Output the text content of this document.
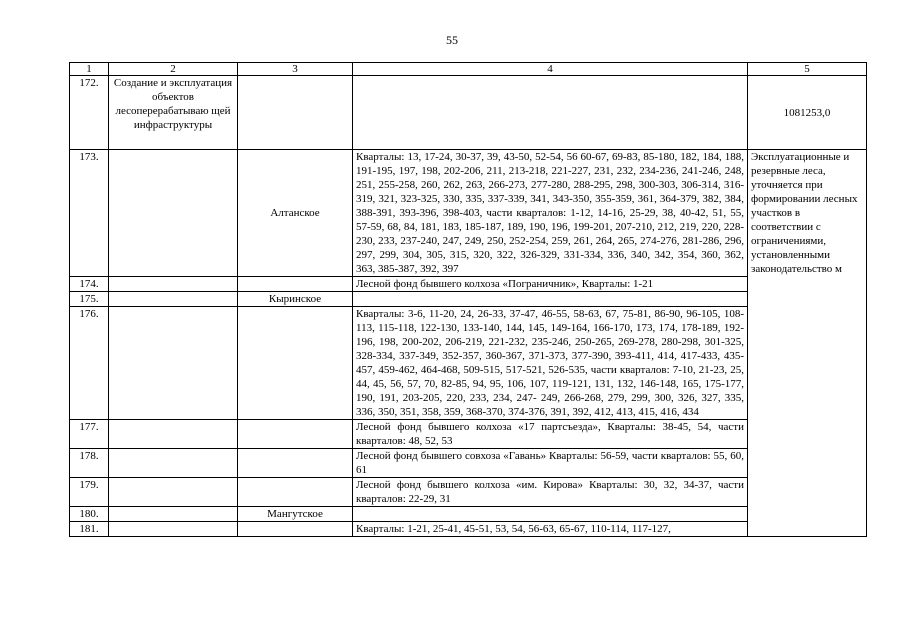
55
1	2	3	4	5
172.	Создание и эксплуатация объектов лесоперерабатываю щей инфраструктуры			1081253,0
173.		Алтанское	Кварталы: 13, 17-24, 30-37, 39, 43-50, 52-54, 56 60-67, 69-83, 85-180, 182, 184, 188, 191-195, 197, 198, 202-206, 211, 213-218, 221-227, 231, 232, 234-236, 241-246, 248, 251, 255-258, 260, 262, 263, 266-273, 277-280, 288-295, 298, 300-303, 306-314, 316-319, 321, 323-325, 330, 335, 337-339, 341, 343-350, 355-359, 361, 364-379, 382, 384, 388-391, 393-396, 398-403, части кварталов: 1-12, 14-16, 25-29, 38, 40-42, 51, 55, 57-59, 68, 84, 181, 183, 185-187, 189, 190, 196, 199-201, 207-210, 212, 219, 220, 228-230, 233, 237-240, 247, 249, 250, 252-254, 259, 261, 264, 265, 274-276, 281-286, 296, 297, 299, 304, 305, 315, 320, 322, 326-329, 331-334, 336, 340, 342, 354, 360, 362, 363, 385-387, 392, 397	Эксплуатационные и резервные леса, уточняется при формировании лесных участков в соответствии с ограничениями, установленными законодательство м
174.			Лесной фонд бывшего колхоза «Пограничник», Кварталы: 1-21	
175.		Кыринское		
176.			Кварталы: 3-6, 11-20, 24, 26-33, 37-47, 46-55, 58-63, 67, 75-81, 86-90, 96-105, 108-113, 115-118, 122-130, 133-140, 144, 145, 149-164, 166-170, 173, 174, 178-189, 192-196, 198, 200-202, 206-219, 221-232, 235-246, 250-265, 269-278, 280-298, 301-325, 328-334, 337-349, 352-357, 360-367, 371-373, 377-390, 393-411, 414, 417-433, 435-457, 459-462, 464-468, 509-515, 517-521, 526-535, части кварталов: 7-10, 21-23, 25, 44, 45, 56, 57, 70, 82-85, 94, 95, 106, 107, 119-121, 131, 132, 146-148, 165, 175-177, 190, 191, 203-205, 220, 233, 234, 247- 249, 266-268, 279, 299, 300, 326, 327, 335, 336, 350, 351, 358, 359, 368-370, 374-376, 391, 392, 412, 413, 415, 416, 434	
177.			Лесной фонд бывшего колхоза «17 партсъезда», Кварталы: 38-45, 54, части кварталов: 48, 52, 53	
178.			Лесной фонд бывшего совхоза «Гавань» Кварталы: 56-59, части кварталов: 55, 60, 61	
179.			Лесной фонд бывшего колхоза «им. Кирова» Кварталы: 30, 32, 34-37, части кварталов: 22-29, 31	
180.		Мангутское		
181.			Кварталы: 1-21, 25-41, 45-51, 53, 54, 56-63, 65-67, 110-114, 117-127,	
